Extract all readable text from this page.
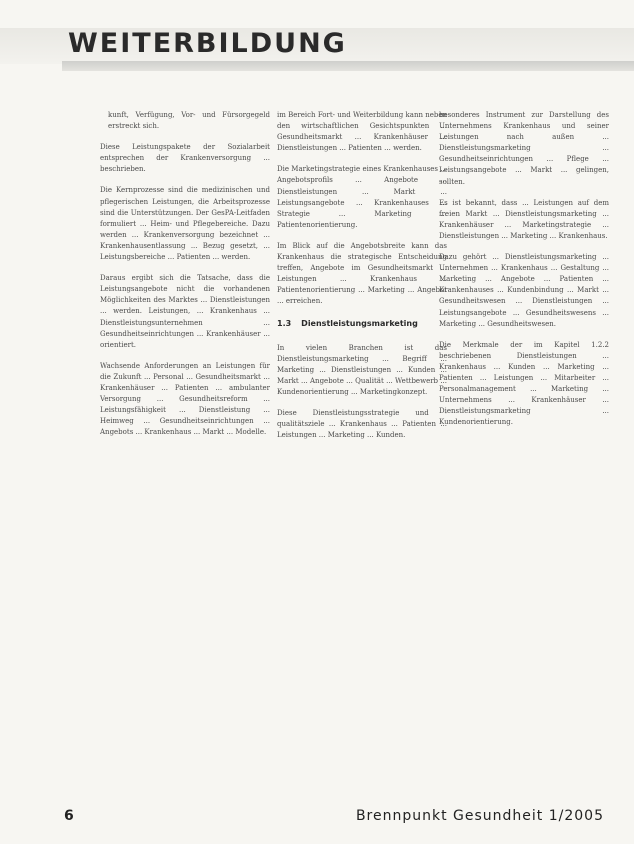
WEITERBILDUNG

kunft, Verfügung, Vor- und Fürsorgegeld erstreckt sich.

Diese Leistungspakete der Sozialarbeit entsprechen der Krankenversorgung ... beschrieben.

Die Kernprozesse sind die medizinischen und pflegerischen Leistungen, die Arbeitsprozesse sind die Unterstützungen. Der GesPA-Leitfaden formuliert ... Heim- und Pflegebereiche. Dazu werden ... Krankenversorgung bezeichnet ... Krankenhausentlassung ... Bezug gesetzt, ... Leistungsbereiche ... Patienten ... werden.

Daraus ergibt sich die Tatsache, dass die Leistungsangebote nicht die vorhandenen Möglichkeiten des Marktes ... Dienstleistungen ... werden. Leistungen, ... Krankenhaus ... Dienstleistungsunternehmen ... Gesundheitseinrichtungen ... Krankenhäuser ... orientiert.

Wachsende Anforderungen an Leistungen für die Zukunft ... Personal ... Gesundheitsmarkt ... Krankenhäuser ... Patienten ... ambulanter Versorgung ... Gesundheitsreform ... Leistungsfähigkeit ... Dienstleistung ... Heimweg ... Gesundheitseinrichtungen ... Angebots ... Krankenhaus ... Markt ... Modelle.

im Bereich Fort- und Weiterbildung kann neben den wirtschaftlichen Gesichtspunkten ... Gesundheitsmarkt ... Krankenhäuser ... Dienstleistungen ... Patienten ... werden.

Die Marketingstrategie eines Krankenhauses ... Angebotsprofils ... Angebote ... Dienstleistungen ... Markt ... Leistungsangebote ... Krankenhauses ... Strategie ... Marketing ... Patientenorientierung.

Im Blick auf die Angebotsbreite kann das Krankenhaus die strategische Entscheidung treffen, Angebote im Gesundheitsmarkt ... Leistungen ... Krankenhaus ... Patientenorientierung ... Marketing ... Angebot ... erreichen.

1.3 Dienstleistungsmarketing

In vielen Branchen ist das Dienstleistungsmarketing ... Begriff ... Marketing ... Dienstleistungen ... Kunden ... Markt ... Angebote ... Qualität ... Wettbewerb ... Kundenorientierung ... Marketingkonzept.

Diese Dienstleistungsstrategie und -qualitätsziele ... Krankenhaus ... Patienten ... Leistungen ... Marketing ... Kunden.

besonderes Instrument zur Darstellung des Unternehmens Krankenhaus und seiner Leistungen nach außen ... Dienstleistungsmarketing ... Gesundheitseinrichtungen ... Pflege ... Leistungsangebote ... Markt ... gelingen, sollten.

Es ist bekannt, dass ... Leistungen auf dem freien Markt ... Dienstleistungsmarketing ... Krankenhäuser ... Marketingstrategie ... Dienstleistungen ... Marketing ... Krankenhaus.

Dazu gehört ... Dienstleistungsmarketing ... Unternehmen ... Krankenhaus ... Gestaltung ... Marketing ... Angebote ... Patienten ... Krankenhauses ... Kundenbindung ... Markt ... Gesundheitswesen ... Dienstleistungen ... Leistungsangebote ... Gesundheitswesens ... Marketing ... Gesundheitswesen.

Die Merkmale der im Kapitel 1.2.2 beschriebenen Dienstleistungen ... Krankenhaus ... Kunden ... Marketing ... Patienten ... Leistungen ... Mitarbeiter ... Personalmanagement ... Marketing ... Unternehmens ... Krankenhäuser ... Dienstleistungsmarketing ... Kundenorientierung.

6	Brennpunkt Gesundheit 1/2005
